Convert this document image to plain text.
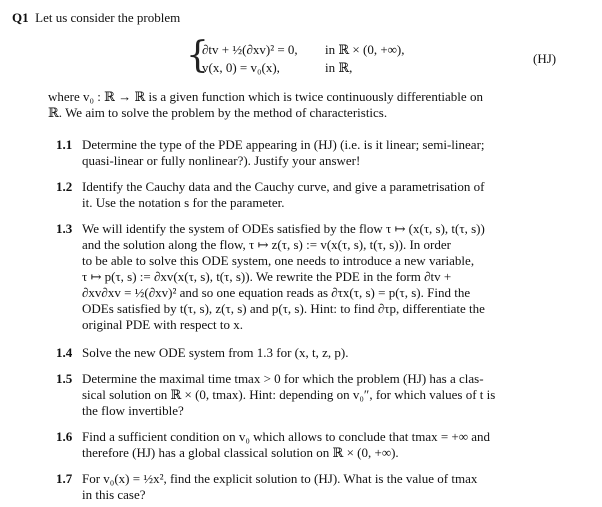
Q1 Let us consider the problem
{
∂tv + ½(∂xv)² = 0, in ℝ × (0, +∞),
v(x, 0) = v₀(x),	in ℝ,
(HJ)
where v₀ : ℝ → ℝ is a given function which is twice continuously differentiable on
ℝ. We aim to solve the problem by the method of characteristics.
1.1 Determine the type of the PDE appearing in (HJ) (i.e. is it linear; semi-linear;
quasi-linear or fully nonlinear?). Justify your answer!
1.2 Identify the Cauchy data and the Cauchy curve, and give a parametrisation of
it. Use the notation s for the parameter.
1.3 We will identify the system of ODEs satisfied by the flow τ ↦ (x(τ, s), t(τ, s))
and the solution along the flow, τ ↦ z(τ, s) := v(x(τ, s), t(τ, s)). In order
to be able to solve this ODE system, one needs to introduce a new variable,
τ ↦ p(τ, s) := ∂xv(x(τ, s), t(τ, s)). We rewrite the PDE in the form ∂tv +
∂xv∂xv = ½(∂xv)² and so one equation reads as ∂τx(τ, s) = p(τ, s). Find the
ODEs satisfied by t(τ, s), z(τ, s) and p(τ, s). Hint: to find ∂τp, differentiate the
original PDE with respect to x.
1.4 Solve the new ODE system from 1.3 for (x, t, z, p).
1.5 Determine the maximal time tmax > 0 for which the problem (HJ) has a clas-
sical solution on ℝ × (0, tmax). Hint: depending on v₀″, for which values of t is
the flow invertible?
1.6 Find a sufficient condition on v₀ which allows to conclude that tmax = +∞ and
therefore (HJ) has a global classical solution on ℝ × (0, +∞).
1.7 For v₀(x) = ½x², find the explicit solution to (HJ). What is the value of tmax
in this case?
